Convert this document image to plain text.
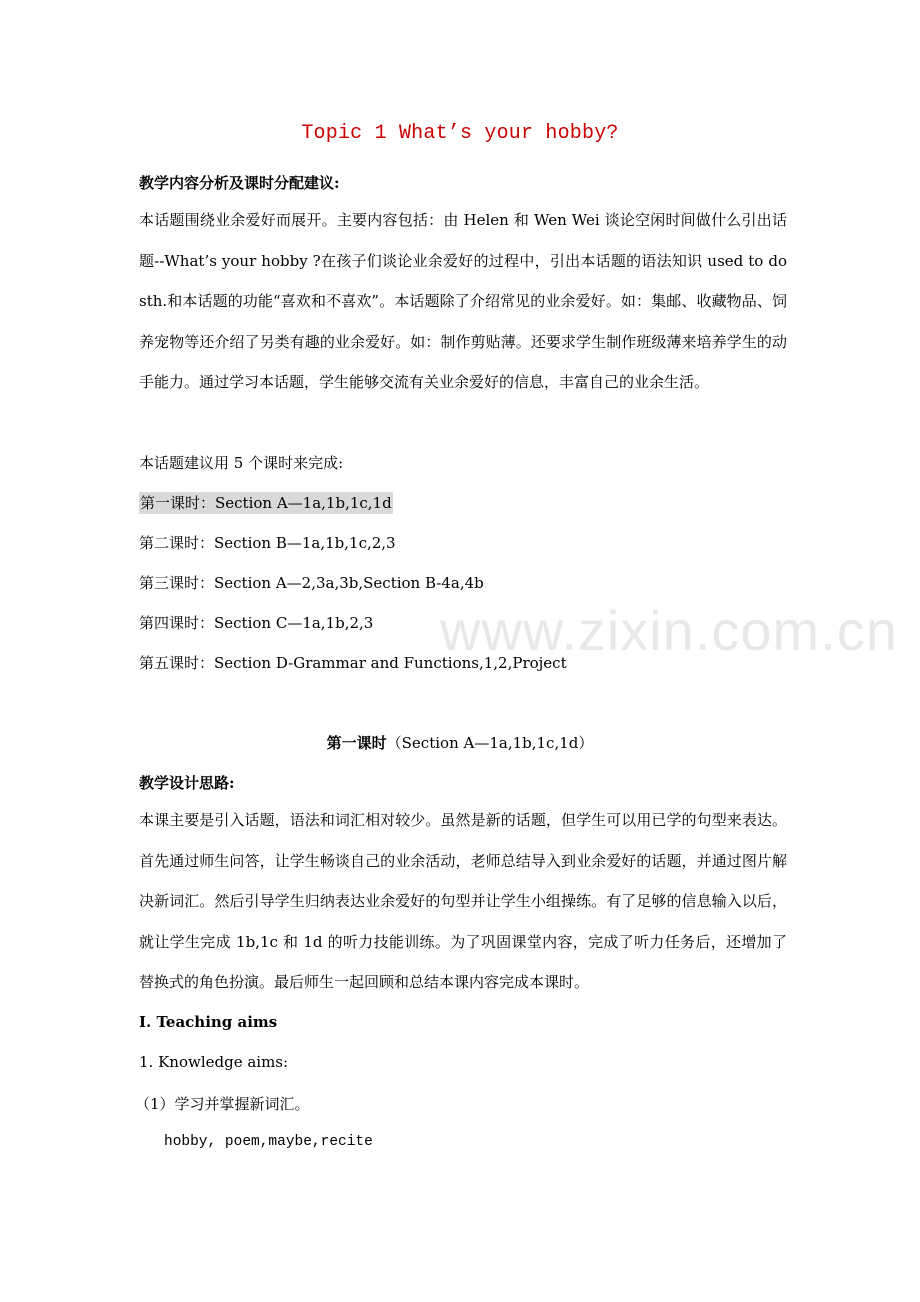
Topic 1 What’s your hobby?
教学内容分析及课时分配建议:

本话题围绕业余爱好而展开。主要内容包括：由 Helen 和 Wen Wei 谈论空闲时间做什么引出话题--What’s your hobby ?在孩子们谈论业余爱好的过程中，引出本话题的语法知识 used to do sth.和本话题的功能“喜欢和不喜欢”。本话题除了介绍常见的业余爱好。如：集邮、收藏物品、饲养宠物等还介绍了另类有趣的业余爱好。如：制作剪贴薄。还要求学生制作班级薄来培养学生的动手能力。通过学习本话题，学生能够交流有关业余爱好的信息，丰富自己的业余生活。

本话题建议用 5 个课时来完成:
第一课时：Section A—1a,1b,1c,1d
第二课时：Section B—1a,1b,1c,2,3
第三课时：Section A—2,3a,3b,Section B-4a,4b
第四课时：Section C—1a,1b,2,3
第五课时：Section D-Grammar and Functions,1,2,Project
www.zixin.com.cn
第一课时（Section A—1a,1b,1c,1d）
教学设计思路:

本课主要是引入话题，语法和词汇相对较少。虽然是新的话题，但学生可以用已学的句型来表达。首先通过师生问答，让学生畅谈自己的业余活动，老师总结导入到业余爱好的话题，并通过图片解决新词汇。然后引导学生归纳表达业余爱好的句型并让学生小组操练。有了足够的信息输入以后，就让学生完成 1b,1c 和 1d 的听力技能训练。为了巩固课堂内容，完成了听力任务后，还增加了替换式的角色扮演。最后师生一起回顾和总结本课内容完成本课时。

Ⅰ. Teaching aims
1. Knowledge aims:
（1）学习并掌握新词汇。
hobby, poem,maybe,recite
